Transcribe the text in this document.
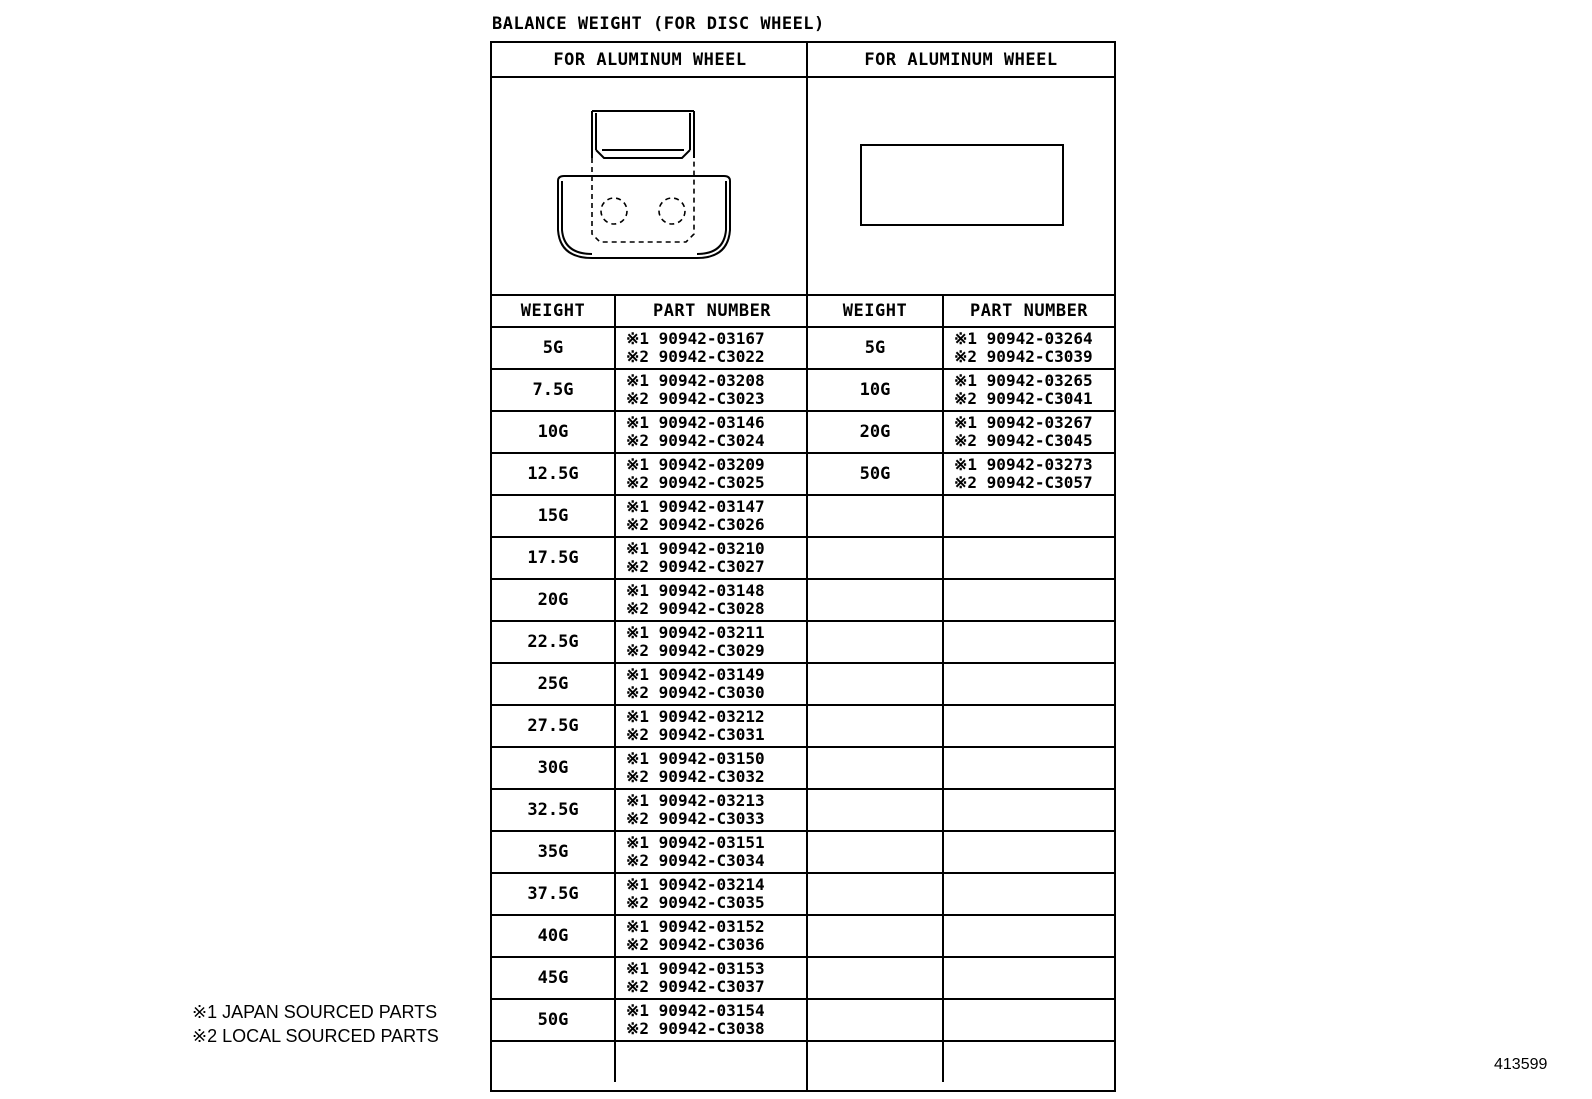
BALANCE WEIGHT (FOR DISC WHEEL)
FOR ALUMINUM WHEEL
WEIGHT	PART NUMBER
5G	※1 90942-03167
※2 90942-C3022
7.5G	※1 90942-03208
※2 90942-C3023
10G	※1 90942-03146
※2 90942-C3024
12.5G	※1 90942-03209
※2 90942-C3025
15G	※1 90942-03147
※2 90942-C3026
17.5G	※1 90942-03210
※2 90942-C3027
20G	※1 90942-03148
※2 90942-C3028
22.5G	※1 90942-03211
※2 90942-C3029
25G	※1 90942-03149
※2 90942-C3030
27.5G	※1 90942-03212
※2 90942-C3031
30G	※1 90942-03150
※2 90942-C3032
32.5G	※1 90942-03213
※2 90942-C3033
35G	※1 90942-03151
※2 90942-C3034
37.5G	※1 90942-03214
※2 90942-C3035
40G	※1 90942-03152
※2 90942-C3036
45G	※1 90942-03153
※2 90942-C3037
50G	※1 90942-03154
※2 90942-C3038
FOR ALUMINUM WHEEL
WEIGHT	PART NUMBER
5G	※1 90942-03264
※2 90942-C3039
10G	※1 90942-03265
※2 90942-C3041
20G	※1 90942-03267
※2 90942-C3045
50G	※1 90942-03273
※2 90942-C3057
※1 JAPAN SOURCED PARTS
※2 LOCAL SOURCED PARTS
413599
